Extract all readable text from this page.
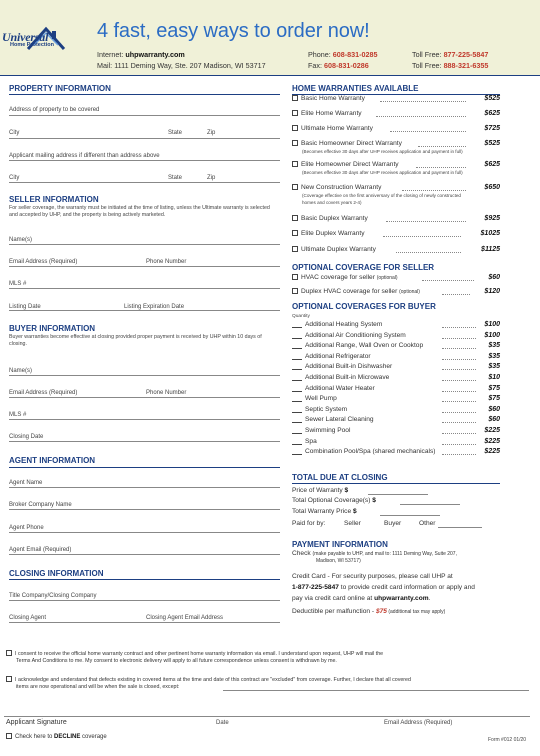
Universal
Home Protection
4 fast, easy ways to order now!
Internet: uhpwarranty.com
Mail: 1111 Deming Way, Ste. 207 Madison, WI 53717
Phone: 608-831-0285
Fax: 608-831-0286
Toll Free: 877-225-5847
Toll Free: 888-321-6355
PROPERTY INFORMATION
Address of property to be covered
City	State	Zip
Applicant mailing address if different than address above
City	State	Zip
SELLER INFORMATION
For seller coverage, the warranty must be initiated at the time of listing, unless the Ultimate warranty is selected and accepted by UHP, and the property is being actively marketed.
Name(s)
Email Address (Required)	Phone Number
MLS #
Listing Date	Listing Expiration Date
BUYER INFORMATION
Buyer warranties become effective at closing provided proper payment is received by UHP within 10 days of closing.
Name(s)
Email Address (Required)	Phone Number
MLS #
Closing Date
AGENT INFORMATION
Agent Name
Broker Company Name
Agent Phone
Agent Email (Required)
CLOSING INFORMATION
Title Company/Closing Company
Closing Agent	Closing Agent Email Address
HOME WARRANTIES AVAILABLE
Basic Home Warranty	$525
Elite Home Warranty	$625
Ultimate Home Warranty	$725
Basic Homeowner Direct Warranty	$525
(Becomes effective 30 days after UHP receives application and payment in full)
Elite Homeowner Direct Warranty	$625
(Becomes effective 30 days after UHP receives application and payment in full)
New Construction Warranty	$650
(Coverage effective on the first anniversary of the closing of newly constructed
homes and covers years 2-4)
Basic Duplex Warranty	$925
Elite Duplex Warranty	$1025
Ultimate Duplex Warranty	$1125
OPTIONAL COVERAGE FOR SELLER
HVAC coverage for seller (optional)	$60
Duplex HVAC coverage for seller (optional)	$120
OPTIONAL COVERAGES FOR BUYER
Quantity
Additional Heating System	$100
Additional Air Conditioning System	$100
Additional Range, Wall Oven or Cooktop	$35
Additional Refrigerator	$35
Additional Built-in Dishwasher	$35
Additional Built-in Microwave	$10
Additional Water Heater	$75
Well Pump	$75
Septic System	$60
Sewer Lateral Cleaning	$60
Swimming Pool	$225
Spa	$225
Combination Pool/Spa (shared mechanicals)	$225
TOTAL DUE AT CLOSING
Price of Warranty $
Total Optional Coverage(s) $
Total Warranty Price $
Paid for by:	Seller	Buyer	Other
PAYMENT INFORMATION
Check (make payable to UHP, and mail to: 1111 Deming Way, Suite 207,
Madison, WI 53717)
Credit Card - For security purposes, please call UHP at
1-877-225-5847 to provide credit card information or apply and
pay via credit card online at uhpwarranty.com.
Deductible per malfunction - $75 (additional tax may apply)
I consent to receive the official home warranty contract and other pertinent home warranty information via email. I understand upon request, UHP will mail the
Terms And Conditions to me. My consent to electronic delivery will apply to all future correspondence unless consent is withdrawn by me.
I acknowledge and understand that defects existing in covered items at the time and date of this contract are "excluded" from coverage. Further, I declare that all covered
items are now operational and will be when the sale is closed, except:
Applicant Signature	Date	Email Address (Required)
Check here to DECLINE coverage	Form #012 01/20
